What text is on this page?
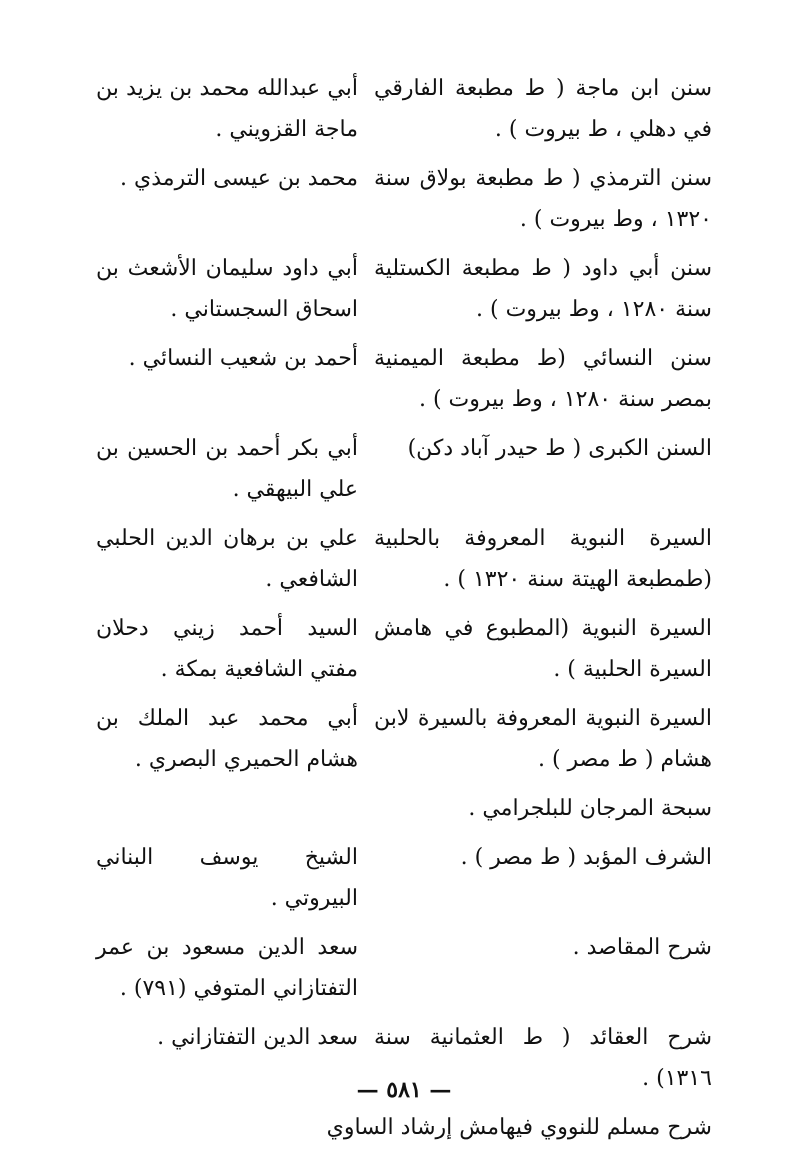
سنن ابن ماجة ( ط مطبعة الفارقي في دهلي ، ط بيروت ) .
أبي عبدالله محمد بن يزيد بن ماجة القزويني .
سنن الترمذي ( ط مطبعة بولاق سنة ١٣٢٠ ، وط بيروت ) .
محمد بن عيسى الترمذي .
سنن أبي داود ( ط مطبعة الكستلية سنة ١٢٨٠ ، وط بيروت ) .
أبي داود سليمان الأشعث بن اسحاق السجستاني .
سنن النسائي (ط مطبعة الميمنية بمصر سنة ١٢٨٠ ، وط بيروت ) .
أحمد بن شعيب النسائي .
السنن الكبرى ( ط حيدر آباد دكن)
أبي بكر أحمد بن الحسين بن علي البيهقي .
السيرة النبوية المعروفة بالحلبية (طمطبعة الهيتة سنة ١٣٢٠ ) .
علي بن برهان الدين الحلبي الشافعي .
السيرة النبوية (المطبوع في هامش السيرة الحلبية ) .
السيد أحمد زيني دحلان مفتي الشافعية بمكة .
السيرة النبوية المعروفة بالسيرة لابن هشام ( ط مصر ) .
أبي محمد عبد الملك بن هشام الحميري البصري .
سبحة المرجان للبلجرامي .
الشرف المؤبد ( ط مصر ) .
الشيخ يوسف البناني البيروتي .
شرح المقاصد .
سعد الدين مسعود بن عمر التفتازاني المتوفي (٧٩١) .
شرح العقائد ( ط العثمانية سنة ١٣١٦) .
سعد الدين التفتازاني .
شرح مسلم للنووي فيهامش إرشاد الساوي
— ٥٨١ —
